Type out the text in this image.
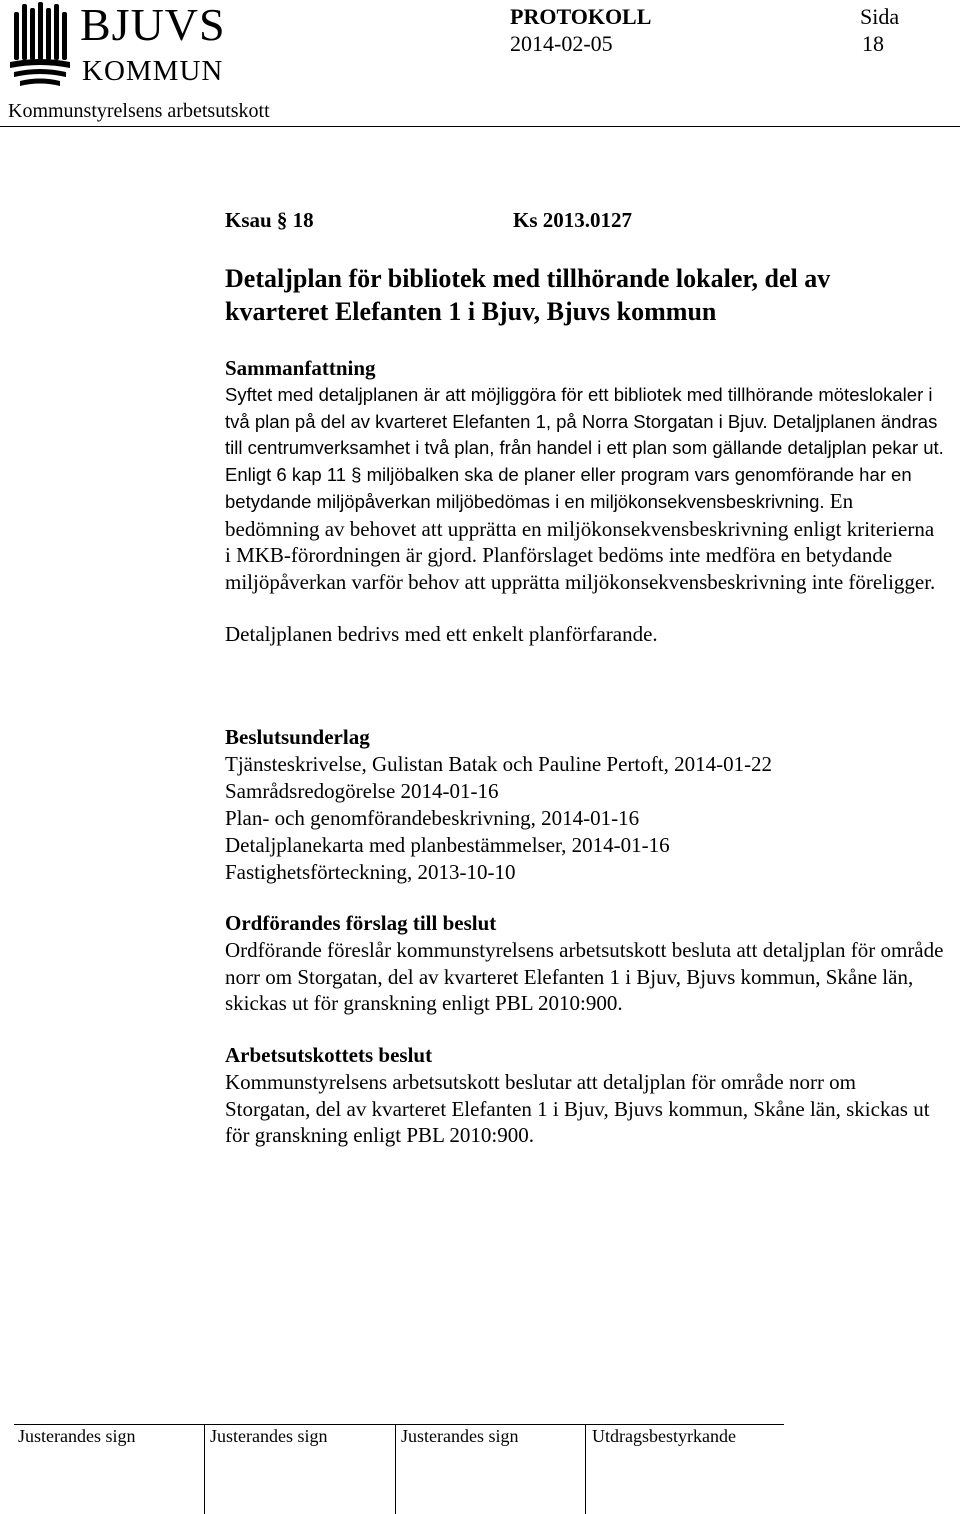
BJUVS
KOMMUN
PROTOKOLL
2014-02-05
Sida
18
Kommunstyrelsens arbetsutskott
Ksau § 18	Ks 2013.0127
Detaljplan för bibliotek med tillhörande lokaler, del av kvarteret Elefanten 1 i Bjuv, Bjuvs kommun

Sammanfattning

Syftet med detaljplanen är att möjliggöra för ett bibliotek med tillhörande möteslokaler i två plan på del av kvarteret Elefanten 1, på Norra Storgatan i Bjuv. Detaljplanen ändras till centrumverksamhet i två plan, från handel i ett plan som gällande detaljplan pekar ut.

Enligt 6 kap 11 § miljöbalken ska de planer eller program vars genomförande har en betydande miljöpåverkan miljöbedömas i en miljökonsekvensbeskrivning. En bedömning av behovet att upprätta en miljökonsekvensbeskrivning enligt kriterierna i MKB-förordningen är gjord. Planförslaget bedöms inte medföra en betydande miljöpåverkan varför behov att upprätta miljökonsekvensbeskrivning inte föreligger.

Detaljplanen bedrivs med ett enkelt planförfarande.

Beslutsunderlag

Tjänsteskrivelse, Gulistan Batak och Pauline Pertoft, 2014-01-22

Samrådsredogörelse 2014-01-16

Plan- och genomförandebeskrivning, 2014-01-16

Detaljplanekarta med planbestämmelser, 2014-01-16

Fastighetsförteckning, 2013-10-10

Ordförandes förslag till beslut

Ordförande föreslår kommunstyrelsens arbetsutskott besluta att detaljplan för område norr om Storgatan, del av kvarteret Elefanten 1 i Bjuv, Bjuvs kommun, Skåne län, skickas ut för granskning enligt PBL 2010:900.

Arbetsutskottets beslut

Kommunstyrelsens arbetsutskott beslutar att detaljplan för område norr om Storgatan, del av kvarteret Elefanten 1 i Bjuv, Bjuvs kommun, Skåne län, skickas ut för granskning enligt PBL 2010:900.

Justerandes sign	Justerandes sign	Justerandes sign	Utdragsbestyrkande
